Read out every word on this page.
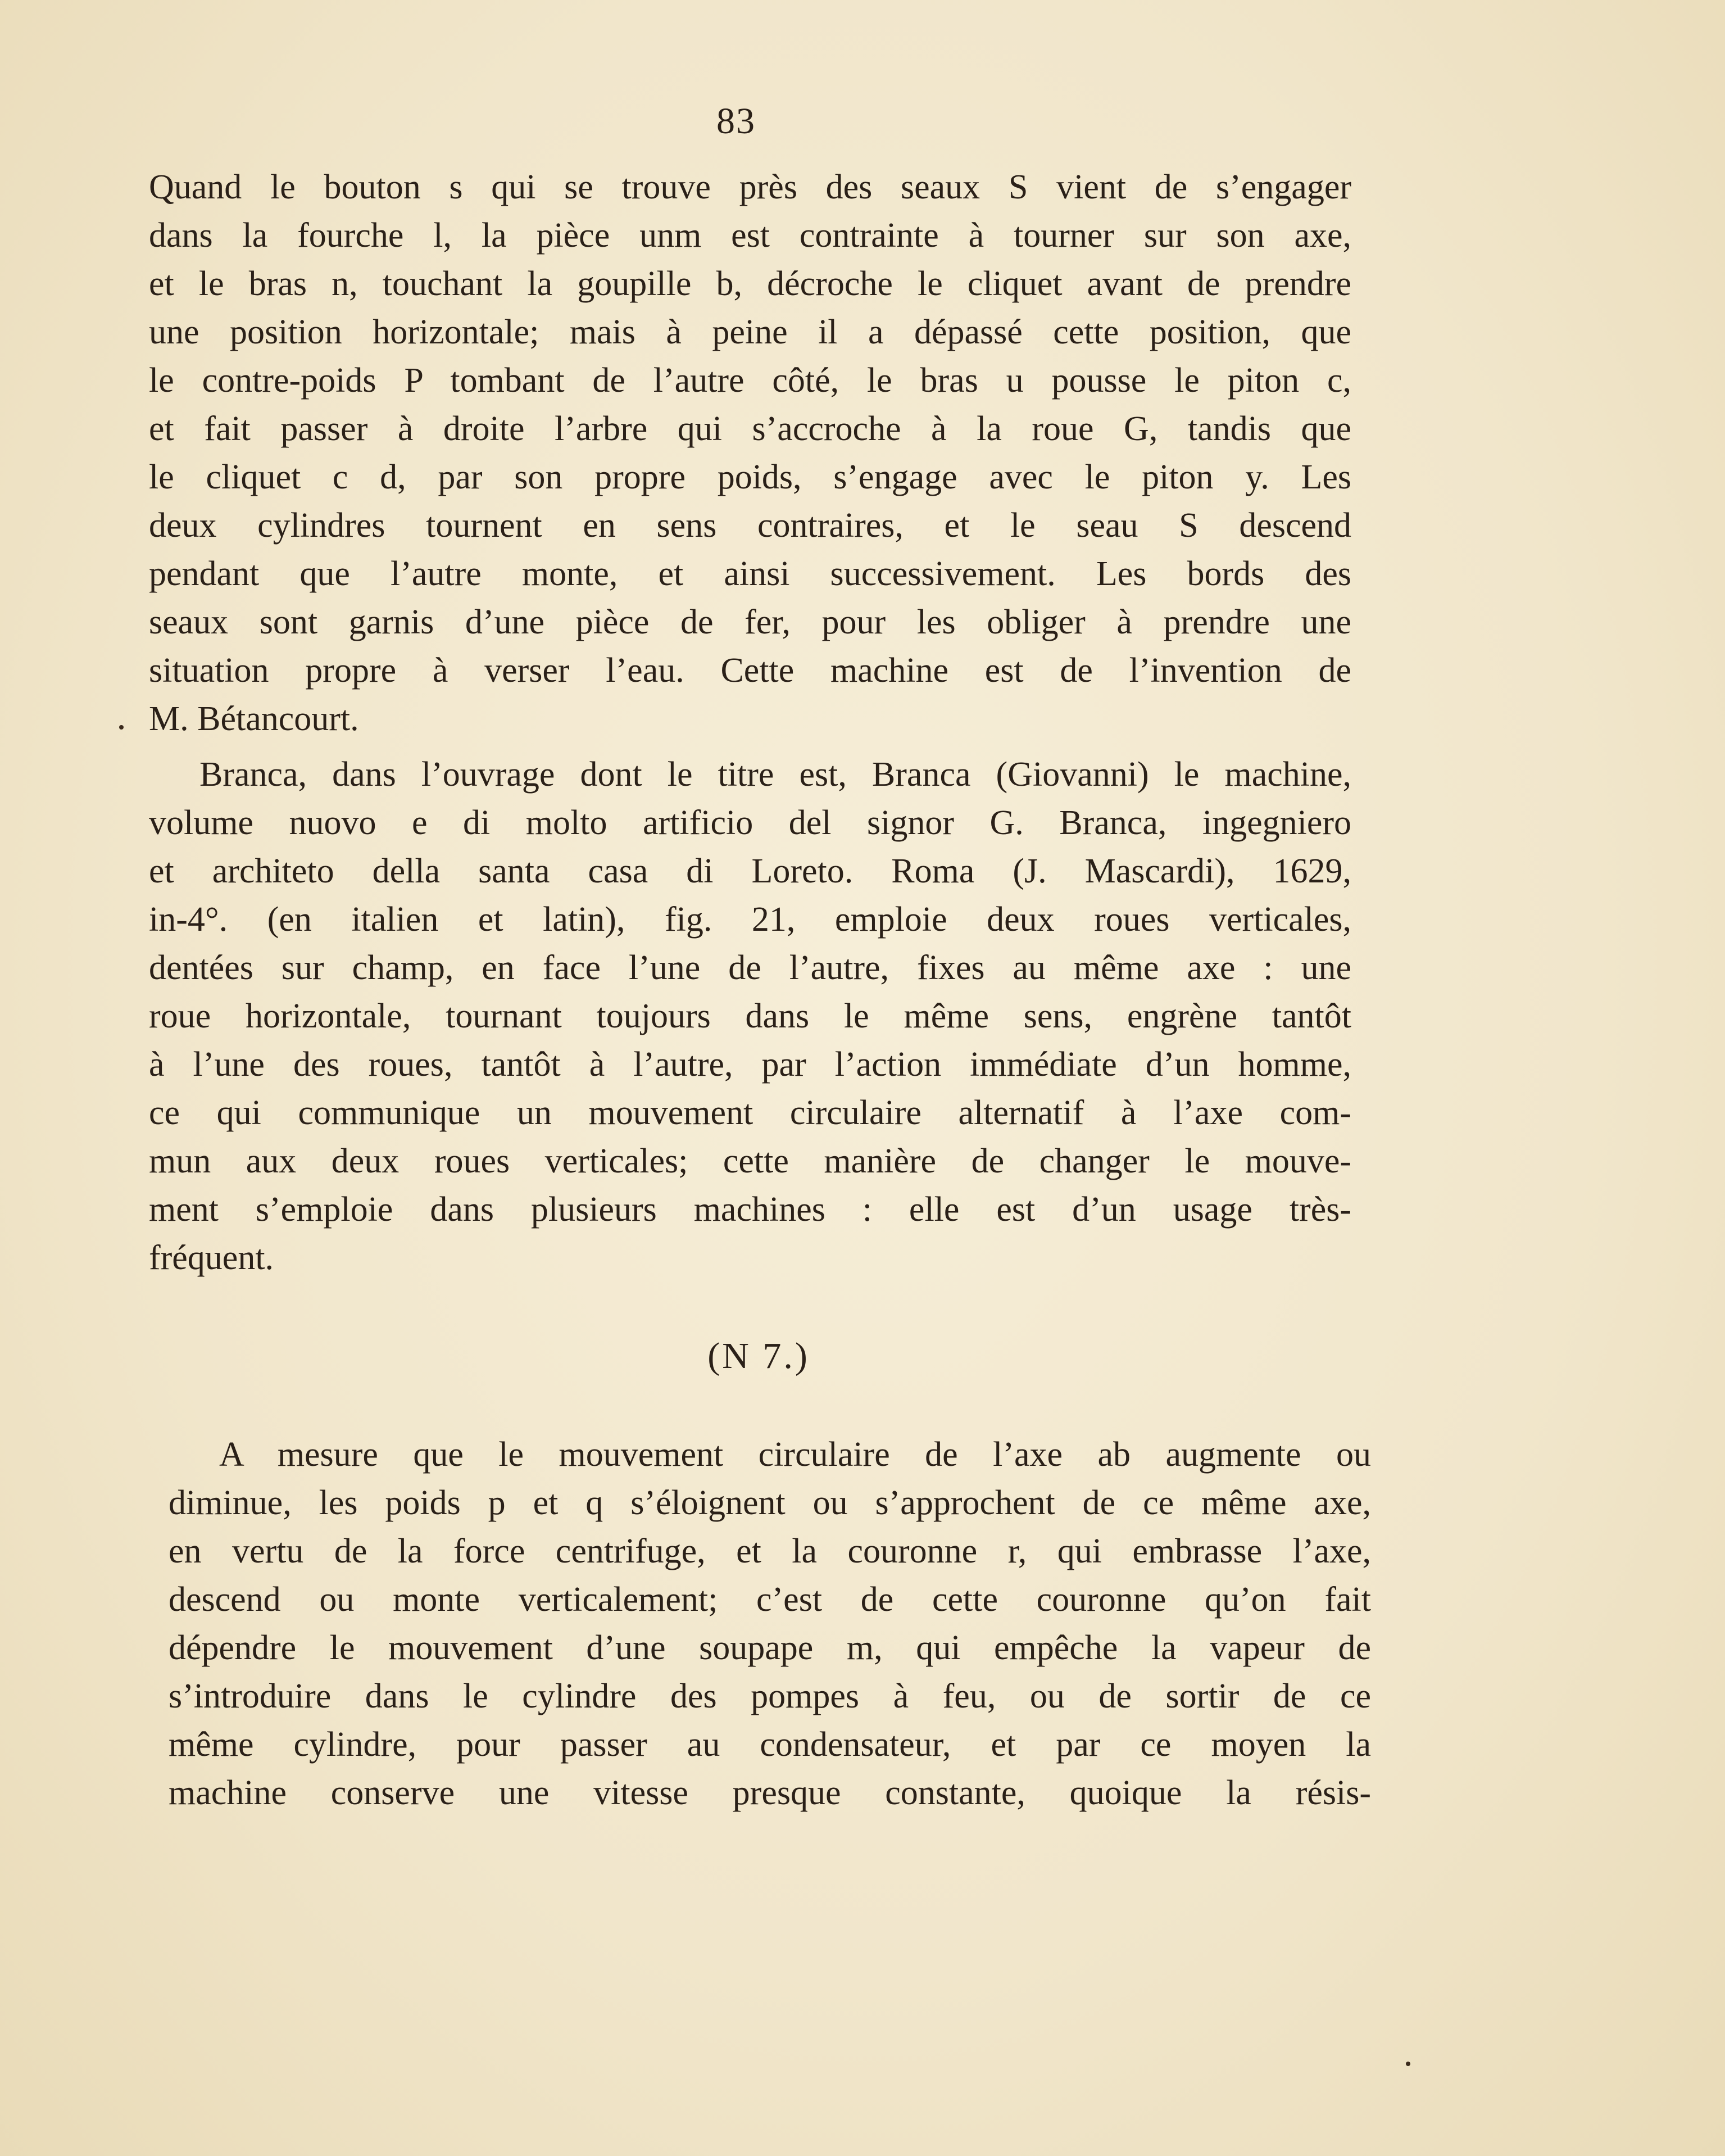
83
Quand le bouton s qui se trouve près des seaux S vient de s’engager
dans la fourche l, la pièce unm est contrainte à tourner sur son axe,
et le bras n, touchant la goupille b, décroche le cliquet avant de prendre
une position horizontale; mais à peine il a dépassé cette position, que
le contre-poids P tombant de l’autre côté, le bras u pousse le piton c,
et fait passer à droite l’arbre qui s’accroche à la roue G, tandis que
le cliquet c d, par son propre poids, s’engage avec le piton y. Les
deux cylindres tournent en sens contraires, et le seau S descend
pendant que l’autre monte, et ainsi successivement. Les bords des
seaux sont garnis d’une pièce de fer, pour les obliger à prendre une
situation propre à verser l’eau. Cette machine est de l’invention de
M. Bétancourt.
Branca, dans l’ouvrage dont le titre est, Branca (Giovanni) le machine,
volume nuovo e di molto artificio del signor G. Branca, ingegniero
et architeto della santa casa di Loreto. Roma (J. Mascardi), 1629,
in-4°. (en italien et latin), fig. 21, emploie deux roues verticales,
dentées sur champ, en face l’une de l’autre, fixes au même axe : une
roue horizontale, tournant toujours dans le même sens, engrène tantôt
à l’une des roues, tantôt à l’autre, par l’action immédiate d’un homme,
ce qui communique un mouvement circulaire alternatif à l’axe com-
mun aux deux roues verticales; cette manière de changer le mouve-
ment s’emploie dans plusieurs machines : elle est d’un usage très-
fréquent.
(N 7.)
A mesure que le mouvement circulaire de l’axe ab augmente ou
diminue, les poids p et q s’éloignent ou s’approchent de ce même axe,
en vertu de la force centrifuge, et la couronne r, qui embrasse l’axe,
descend ou monte verticalement; c’est de cette couronne qu’on fait
dépendre le mouvement d’une soupape m, qui empêche la vapeur de
s’introduire dans le cylindre des pompes à feu, ou de sortir de ce
même cylindre, pour passer au condensateur, et par ce moyen la
machine conserve une vitesse presque constante, quoique la résis-
